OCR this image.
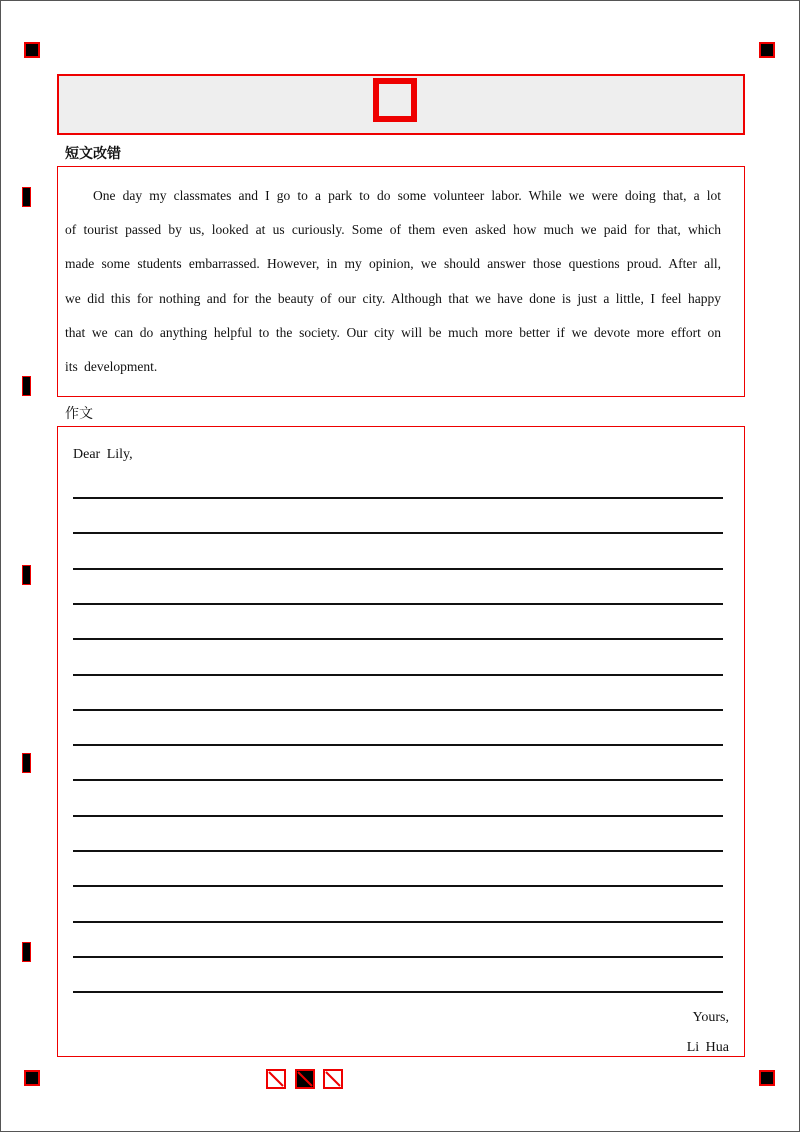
短文改错
One day my classmates and I go to a park to do some volunteer labor. While we were doing that, a lot of tourist passed by us, looked at us curiously. Some of them even asked how much we paid for that, which made some students embarrassed. However, in my opinion, we should answer those questions proud. After all, we did this for nothing and for the beauty of our city. Although that we have done is just a little, I feel happy that we can do anything helpful to the society. Our city will be much more better if we devote more effort on its development.
作文
Dear Lily,
Yours,
Li Hua
